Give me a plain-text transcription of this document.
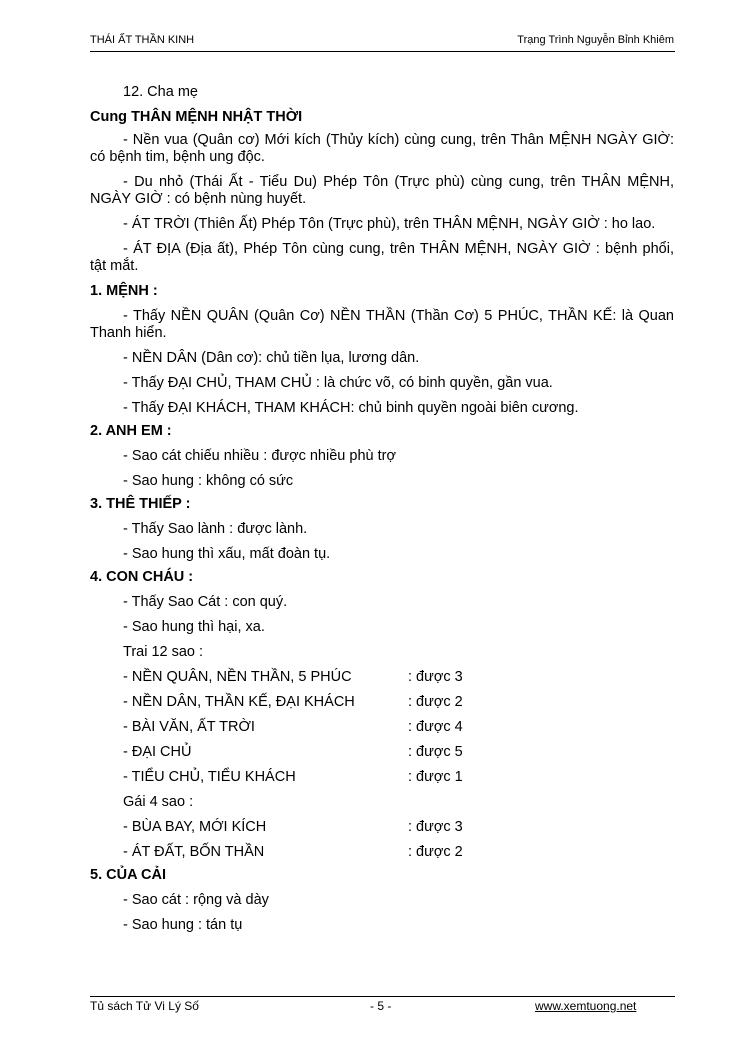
THÁI ẤT THẦN KINH	Trạng Trình Nguyễn Bỉnh Khiêm

12. Cha mẹ

Cung THÂN MỆNH NHẬT THỜI

- Nền vua (Quân cơ) Mới kích (Thủy kích) cùng cung, trên Thân MỆNH NGÀY GIỜ: có bệnh tim, bệnh ung độc.

- Du nhỏ (Thái Ất - Tiểu Du) Phép Tôn (Trực phù) cùng cung, trên THÂN MỆNH, NGÀY GIỜ : có bệnh nùng huyết.

- ÁT TRỜI (Thiên Ất) Phép Tôn (Trực phù), trên THÂN MỆNH, NGÀY GIỜ : ho lao.

- ÁT ĐỊA (Địa ất), Phép Tôn cùng cung, trên THÂN MỆNH, NGÀY GIỜ : bệnh phổi, tật mắt.

1. MỆNH :

- Thấy NỀN QUÂN (Quân Cơ) NỀN THẦN (Thần Cơ) 5 PHÚC, THẦN KẾ: là Quan Thanh hiển.

- NỀN DÂN (Dân cơ): chủ tiền lụa, lương dân.

- Thấy ĐẠI CHỦ, THAM CHỦ : là chức võ, có binh quyền, gần vua.

- Thấy ĐẠI KHÁCH, THAM KHÁCH: chủ binh quyền ngoài biên cương.

2. ANH EM :

- Sao cát chiếu nhiều : được nhiều phù trợ

- Sao hung : không có sức

3. THÊ THIẾP :

- Thấy Sao lành : được lành.

- Sao hung thì xấu, mất đoàn tụ.

4. CON CHÁU :

- Thấy Sao Cát : con quý.

- Sao hung thì hại, xa.

Trai 12 sao :

- NỀN QUÂN, NỀN THẦN, 5 PHÚC	: được 3
- NỀN DÂN, THẦN KẾ, ĐẠI KHÁCH	: được 2
- BÀI VĂN, ẤT TRỜI	: được 4
- ĐẠI CHỦ	: được 5
- TIỂU CHỦ, TIỂU KHÁCH	: được 1

Gái 4 sao :

- BÙA BAY, MỚI KÍCH	: được 3
- ÁT ĐẤT, BỐN THẦN	: được 2

5. CỦA CẢI

- Sao cát : rộng và dày

- Sao hung : tán tụ

Tủ sách Tử Vi Lý Số	- 5 -	www.xemtuong.net
